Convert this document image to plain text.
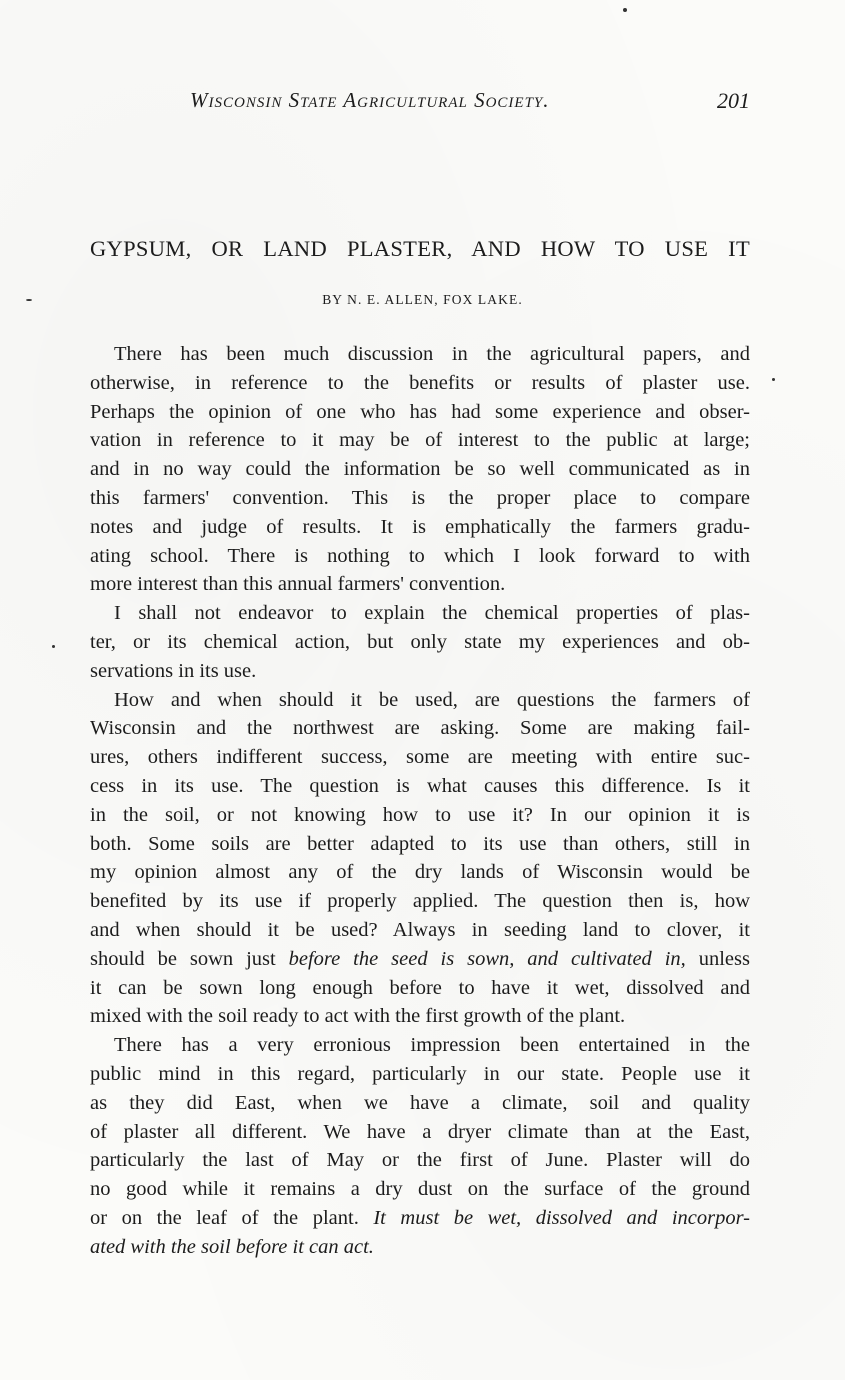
Wisconsin State Agricultural Society.	201
GYPSUM, OR LAND PLASTER, AND HOW TO USE IT
BY N. E. ALLEN, FOX LAKE.
There has been much discussion in the agricultural papers, and
otherwise, in reference to the benefits or results of plaster use.
Perhaps the opinion of one who has had some experience and obser-
vation in reference to it may be of interest to the public at large;
and in no way could the information be so well communicated as in
this farmers' convention. This is the proper place to compare
notes and judge of results. It is emphatically the farmers gradu-
ating school. There is nothing to which I look forward to with
more interest than this annual farmers' convention.
I shall not endeavor to explain the chemical properties of plas-
ter, or its chemical action, but only state my experiences and ob-
servations in its use.
How and when should it be used, are questions the farmers of
Wisconsin and the northwest are asking. Some are making fail-
ures, others indifferent success, some are meeting with entire suc-
cess in its use. The question is what causes this difference. Is it
in the soil, or not knowing how to use it? In our opinion it is
both. Some soils are better adapted to its use than others, still in
my opinion almost any of the dry lands of Wisconsin would be
benefited by its use if properly applied. The question then is, how
and when should it be used? Always in seeding land to clover, it
should be sown just before the seed is sown, and cultivated in, unless
it can be sown long enough before to have it wet, dissolved and
mixed with the soil ready to act with the first growth of the plant.
There has a very erronious impression been entertained in the
public mind in this regard, particularly in our state. People use it
as they did East, when we have a climate, soil and quality
of plaster all different. We have a dryer climate than at the East,
particularly the last of May or the first of June. Plaster will do
no good while it remains a dry dust on the surface of the ground
or on the leaf of the plant. It must be wet, dissolved and incorpor-
ated with the soil before it can act.
